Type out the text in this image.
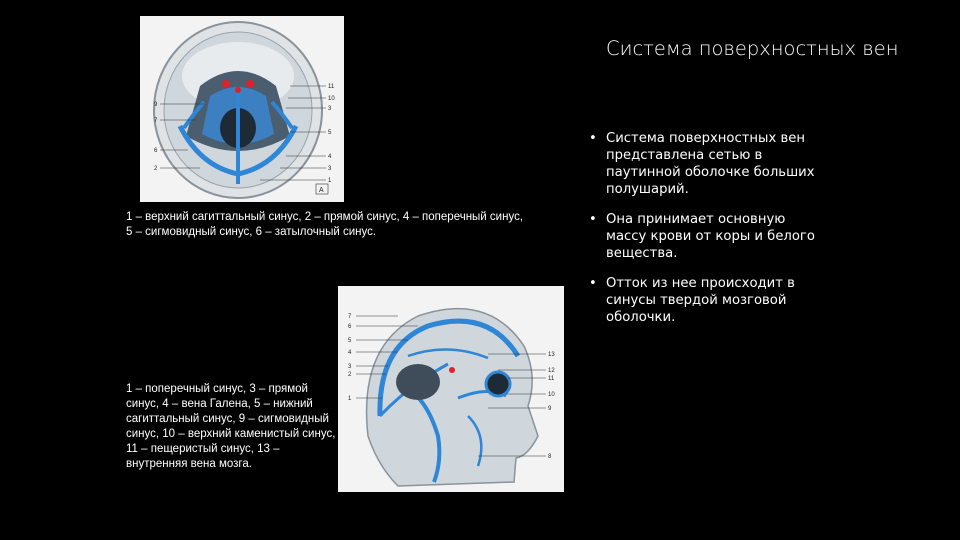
11
10
3
5
4
3
1
9
7
6
2
А
1 – верхний сагиттальный синус, 2 – прямой синус, 4 – поперечный синус, 5 – сигмовидный синус, 6 – затылочный синус.
7
6
5
4
3
2
1
13
12
11
10
9
8
1 – поперечный синус, 3 – прямой синус, 4 – вена Галена, 5 – нижний сагиттальный синус, 9 – сигмовидный синус, 10 – верхний каменистый синус, 11 – пещеристый синус, 13 – внутренняя вена мозга.
Система поверхностных вен
• Система поверхностных вен представлена сетью в паутинной оболочке больших полушарий.
• Она принимает основную массу крови от коры и белого вещества.
• Отток из нее происходит в синусы твердой мозговой оболочки.
